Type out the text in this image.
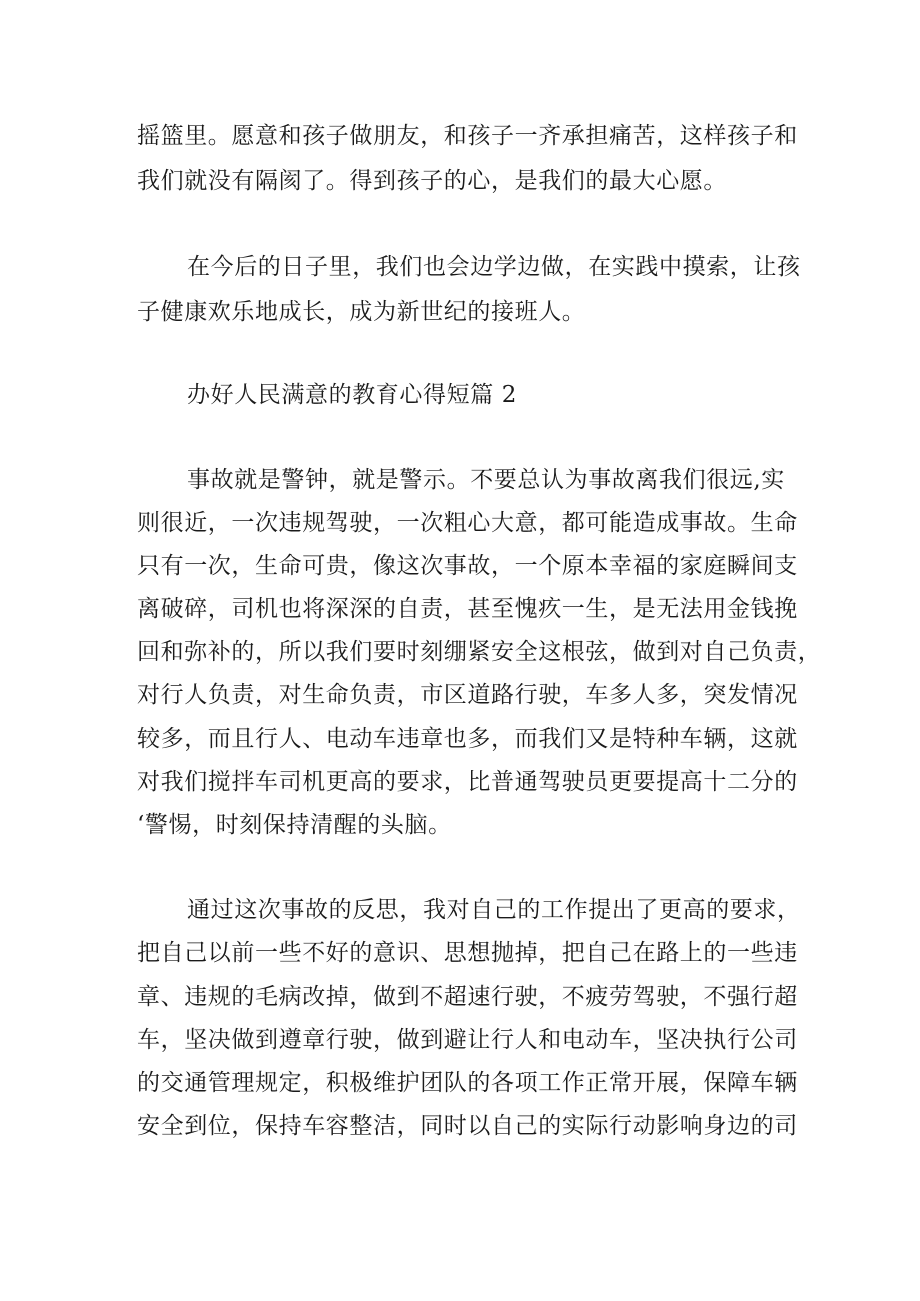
摇篮里。愿意和孩子做朋友，和孩子一齐承担痛苦，这样孩子和

我们就没有隔阂了。得到孩子的心，是我们的最大心愿。

在今后的日子里，我们也会边学边做，在实践中摸索，让孩

子健康欢乐地成长，成为新世纪的接班人。

办好人民满意的教育心得短篇 2

事故就是警钟，就是警示。不要总认为事故离我们很远,实

则很近，一次违规驾驶，一次粗心大意，都可能造成事故。生命

只有一次，生命可贵，像这次事故，一个原本幸福的家庭瞬间支

离破碎，司机也将深深的自责，甚至愧疚一生，是无法用金钱挽

回和弥补的，所以我们要时刻绷紧安全这根弦，做到对自己负责，

对行人负责，对生命负责，市区道路行驶，车多人多，突发情况

较多，而且行人、电动车违章也多，而我们又是特种车辆，这就

对我们搅拌车司机更高的要求，比普通驾驶员更要提高十二分的

‘警惕，时刻保持清醒的头脑。

通过这次事故的反思，我对自己的工作提出了更高的要求，

把自己以前一些不好的意识、思想抛掉，把自己在路上的一些违

章、违规的毛病改掉，做到不超速行驶，不疲劳驾驶，不强行超

车，坚决做到遵章行驶，做到避让行人和电动车，坚决执行公司

的交通管理规定，积极维护团队的各项工作正常开展，保障车辆

安全到位，保持车容整洁，同时以自己的实际行动影响身边的司
